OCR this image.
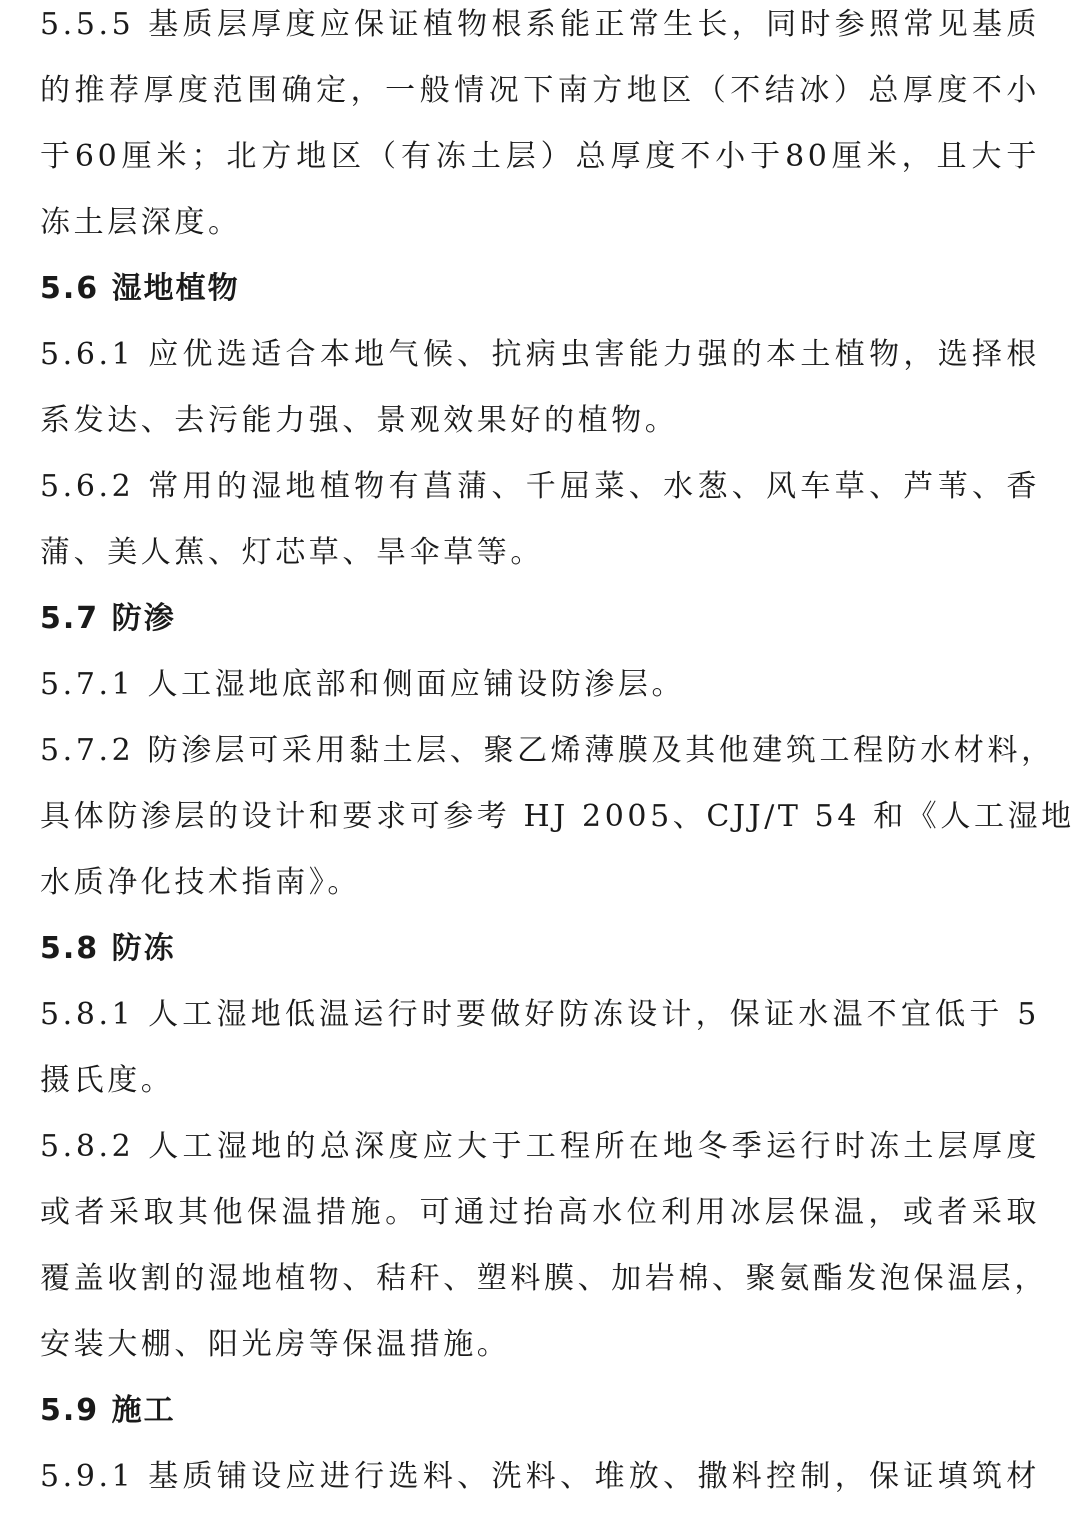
5.5.5 基质层厚度应保证植物根系能正常生长，同时参照常见基质
的推荐厚度范围确定，一般情况下南方地区（不结冰）总厚度不小
于60厘米；北方地区（有冻土层）总厚度不小于80厘米，且大于
冻土层深度。
5.6 湿地植物
5.6.1 应优选适合本地气候、抗病虫害能力强的本土植物，选择根
系发达、去污能力强、景观效果好的植物。
5.6.2 常用的湿地植物有菖蒲、千屈菜、水葱、风车草、芦苇、香
蒲、美人蕉、灯芯草、旱伞草等。
5.7 防渗
5.7.1 人工湿地底部和侧面应铺设防渗层。
5.7.2 防渗层可采用黏土层、聚乙烯薄膜及其他建筑工程防水材料，
具体防渗层的设计和要求可参考 HJ 2005、CJJ/T 54 和《人工湿地
水质净化技术指南》。
5.8 防冻
5.8.1 人工湿地低温运行时要做好防冻设计，保证水温不宜低于 5
摄氏度。
5.8.2 人工湿地的总深度应大于工程所在地冬季运行时冻土层厚度
或者采取其他保温措施。可通过抬高水位利用冰层保温，或者采取
覆盖收割的湿地植物、秸秆、塑料膜、加岩棉、聚氨酯发泡保温层，
安装大棚、阳光房等保温措施。
5.9 施工
5.9.1 基质铺设应进行选料、洗料、堆放、撒料控制，保证填筑材
